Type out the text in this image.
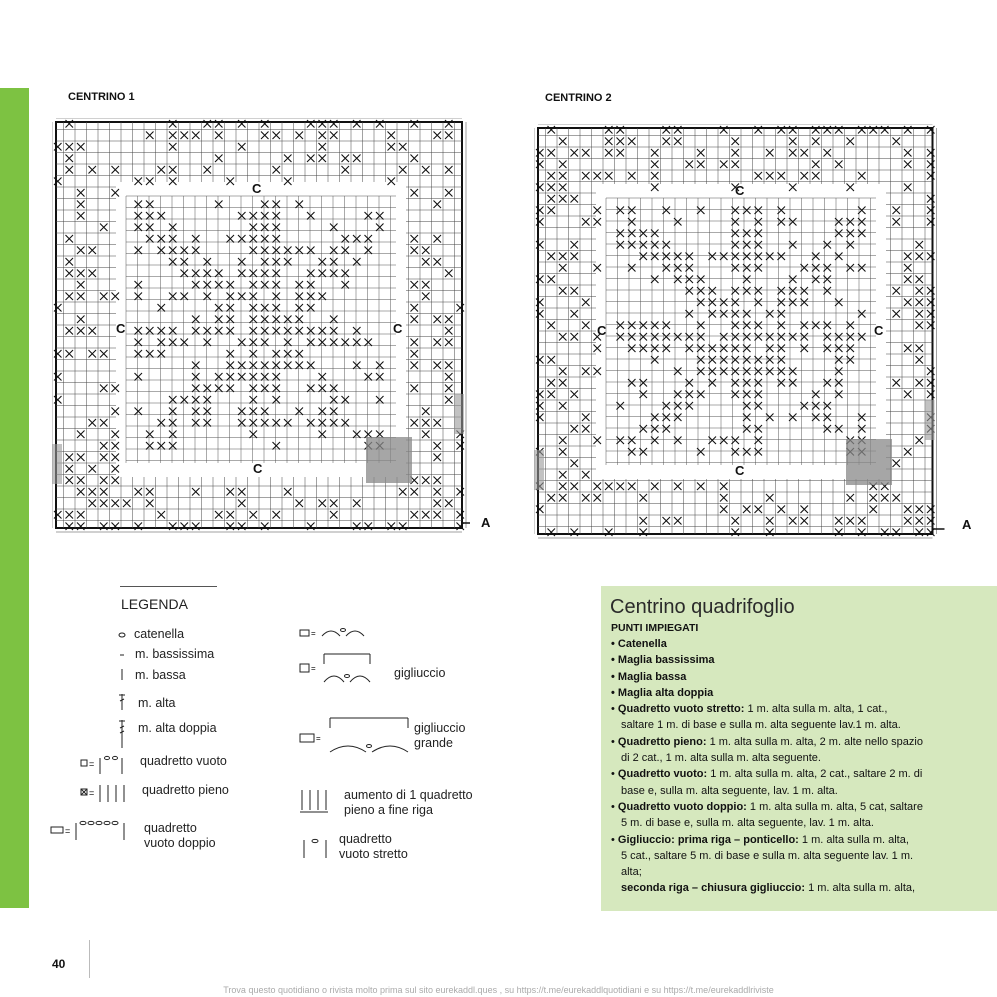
CENTRINO 1
C
C	C
C
A
CENTRINO 2
C
C	C
C
A
LEGENDA
catenella
m. bassissima
m. bassa
m. alta
m. alta doppia
=	quadretto vuoto
=	quadretto pieno
=	quadretto
vuoto doppio
=
=	gigliuccio
=
gigliuccio
grande
aumento di 1 quadretto
pieno a fine riga
quadretto
vuoto stretto
Centrino quadrifoglio
PUNTI IMPIEGATI
• Catenella
• Maglia bassissima
• Maglia bassa
• Maglia alta doppia
• Quadretto vuoto stretto: 1 m. alta sulla m. alta, 1 cat.,
saltare 1 m. di base e sulla m. alta seguente lav.1 m. alta.
• Quadretto pieno: 1 m. alta sulla m. alta, 2 m. alte nello spazio
di 2 cat., 1 m. alta sulla m. alta seguente.
• Quadretto vuoto: 1 m. alta sulla m. alta, 2 cat., saltare 2 m. di
base e, sulla m. alta seguente, lav. 1 m. alta.
• Quadretto vuoto doppio: 1 m. alta sulla m. alta, 5 cat, saltare
5 m. di base e, sulla m. alta seguente, lav. 1 m. alta.
• Gigliuccio: prima riga – ponticello: 1 m. alta sulla m. alta,
5 cat., saltare 5 m. di base e sulla m. alta seguente lav. 1 m.
alta;
seconda riga – chiusura gigliuccio: 1 m. alta sulla m. alta,
40
Trova questo quotidiano o rivista molto prima sul sito eurekaddl.ques , su https://t.me/eurekaddlquotidiani e su https://t.me/eurekaddlriviste
